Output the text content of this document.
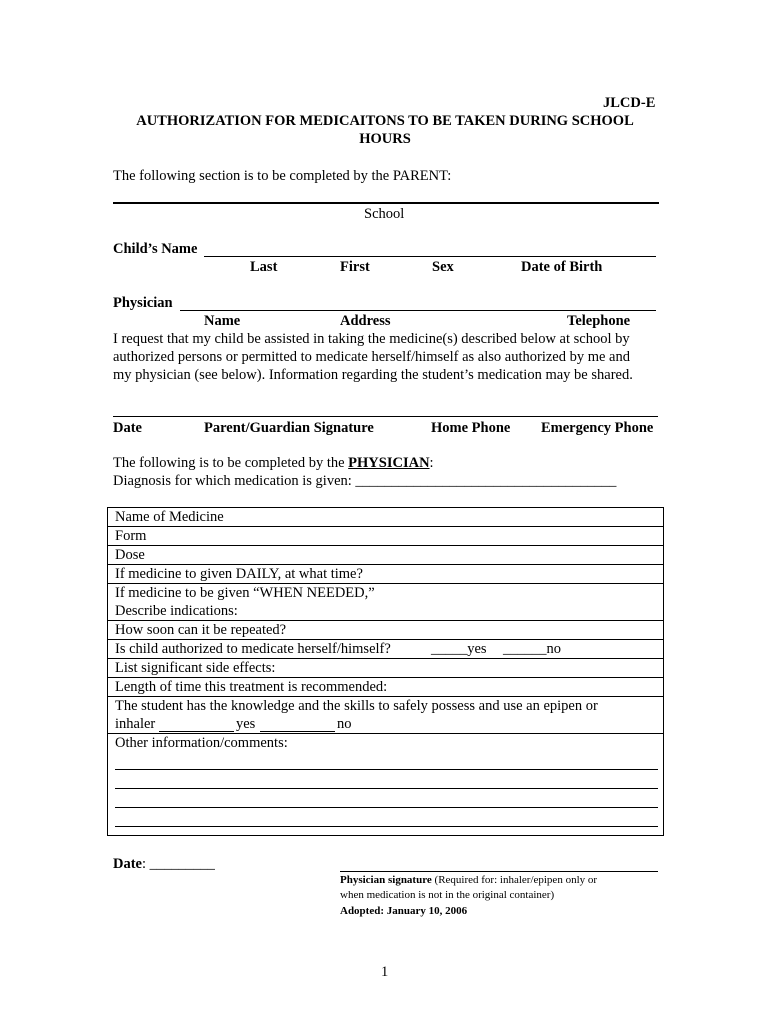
JLCD-E
AUTHORIZATION FOR MEDICAITONS TO BE TAKEN DURING SCHOOL
HOURS
The following section is to be completed by the PARENT:
School
Child’s Name
Last	First	Sex	Date of Birth
Physician
Name	Address	Telephone
I request that my child be assisted in taking the medicine(s) described below at school by
authorized persons or permitted to medicate herself/himself as also authorized by me and
my physician (see below). Information regarding the student’s medication may be shared.
Date	Parent/Guardian Signature	Home Phone Emergency Phone
The following is to be completed by the PHYSICIAN:
Diagnosis for which medication is given: ____________________________________
Name of Medicine
Form
Dose
If medicine to given DAILY, at what time?
If medicine to be given “WHEN NEEDED,”
Describe indications:
How soon can it be repeated?
Is child authorized to medicate herself/himself?	_____yes ______no
List significant side effects:
Length of time this treatment is recommended:
The student has the knowledge and the skills to safely possess and use an epipen or
inhaler	yes	no
Other information/comments:
Date: _________
Physician signature (Required for: inhaler/epipen only or
when medication is not in the original container)
Adopted: January 10, 2006
1
